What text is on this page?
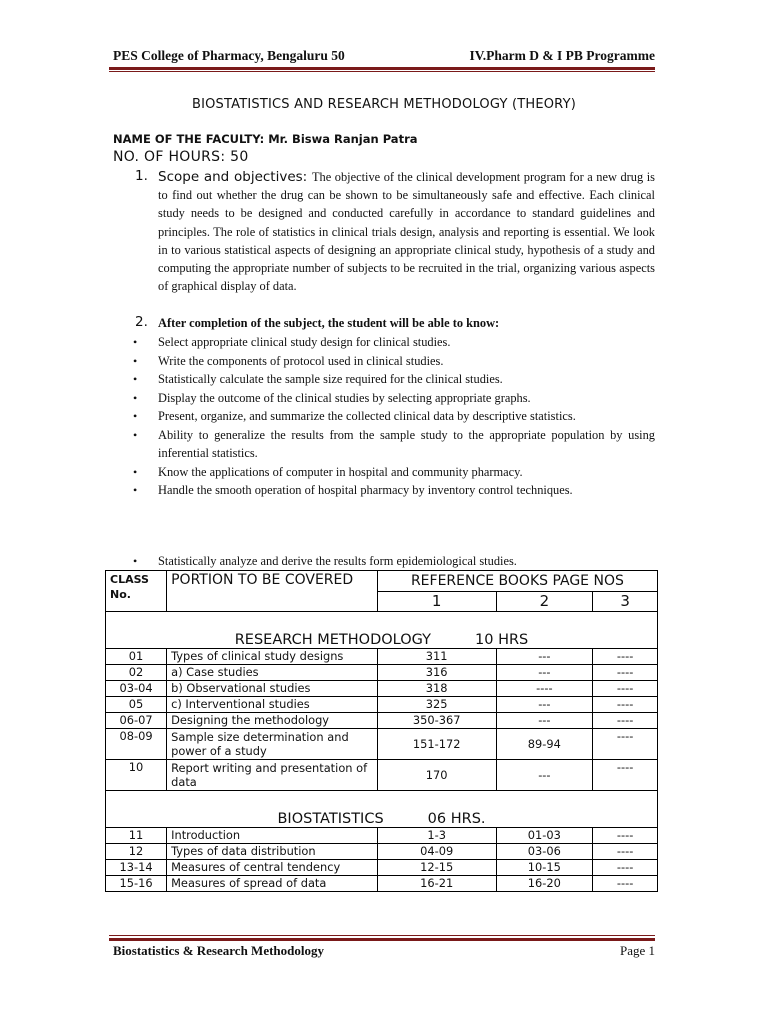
PES College of Pharmacy, Bengaluru 50	IV.Pharm D & I PB Programme
BIOSTATISTICS AND RESEARCH METHODOLOGY (THEORY)
NAME OF THE FACULTY: Mr. Biswa Ranjan Patra
NO. OF HOURS: 50
1. Scope and objectives: The objective of the clinical development program for a new drug is to find out whether the drug can be shown to be simultaneously safe and effective. Each clinical study needs to be designed and conducted carefully in accordance to standard guidelines and principles. The role of statistics in clinical trials design, analysis and reporting is essential. We look in to various statistical aspects of designing an appropriate clinical study, hypothesis of a study and computing the appropriate number of subjects to be recruited in the trial, organizing various aspects of graphical display of data.
2. After completion of the subject, the student will be able to know:
• Select appropriate clinical study design for clinical studies.
• Write the components of protocol used in clinical studies.
• Statistically calculate the sample size required for the clinical studies.
• Display the outcome of the clinical studies by selecting appropriate graphs.
• Present, organize, and summarize the collected clinical data by descriptive statistics.
• Ability to generalize the results from the sample study to the appropriate population by using inferential statistics.
• Know the applications of computer in hospital and community pharmacy.
• Handle the smooth operation of hospital pharmacy by inventory control techniques.
• Statistically analyze and derive the results form epidemiological studies.
CLASS No.	PORTION TO BE COVERED	REFERENCE BOOKS PAGE NOS		
		1	2	3
RESEARCH METHODOLOGY 10 HRS				
01	Types of clinical study designs	311	---	----
02	a) Case studies	316	---	----
03-04	b) Observational studies	318	----	----
05	c) Interventional studies	325	---	----
06-07	Designing the methodology	350-367	---	----
08-09	Sample size determination and power of a study	151-172	89-94	----
10	Report writing and presentation of data	170	---	----
BIOSTATISTICS 06 HRS.				
11	Introduction	1-3	01-03	----
12	Types of data distribution	04-09	03-06	----
13-14	Measures of central tendency	12-15	10-15	----
15-16	Measures of spread of data	16-21	16-20	----
Biostatistics & Research Methodology	Page 1
